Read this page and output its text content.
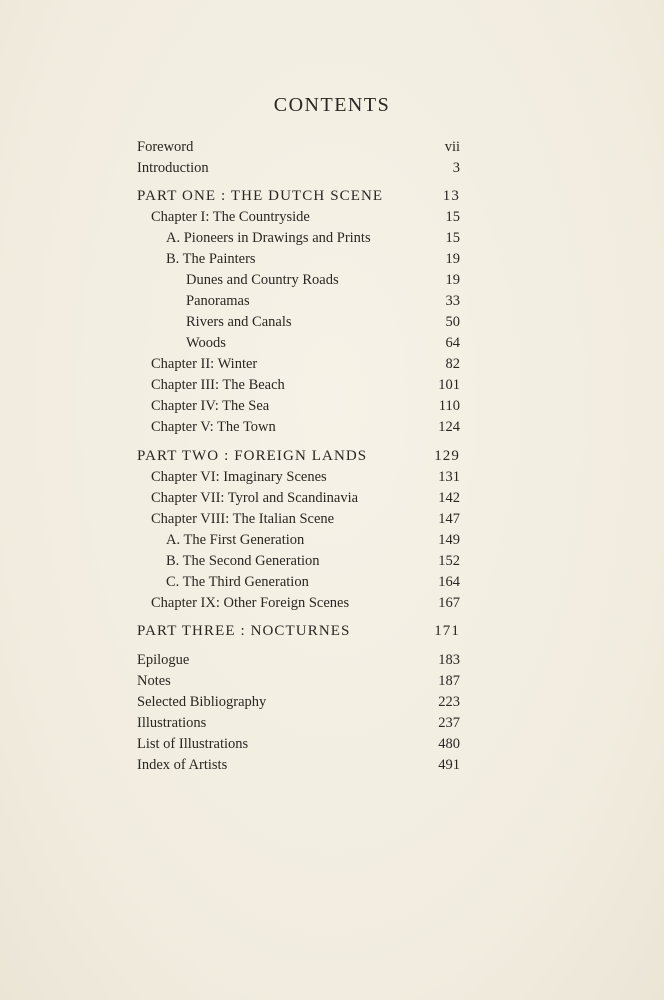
CONTENTS
Foreword	vii
Introduction	3
PART ONE : THE DUTCH SCENE	13
Chapter I: The Countryside	15
A. Pioneers in Drawings and Prints	15
B. The Painters	19
Dunes and Country Roads	19
Panoramas	33
Rivers and Canals	50
Woods	64
Chapter II: Winter	82
Chapter III: The Beach	101
Chapter IV: The Sea	110
Chapter V: The Town	124
PART TWO : FOREIGN LANDS	129
Chapter VI: Imaginary Scenes	131
Chapter VII: Tyrol and Scandinavia	142
Chapter VIII: The Italian Scene	147
A. The First Generation	149
B. The Second Generation	152
C. The Third Generation	164
Chapter IX: Other Foreign Scenes	167
PART THREE : NOCTURNES	171
Epilogue	183
Notes	187
Selected Bibliography	223
Illustrations	237
List of Illustrations	480
Index of Artists	491
